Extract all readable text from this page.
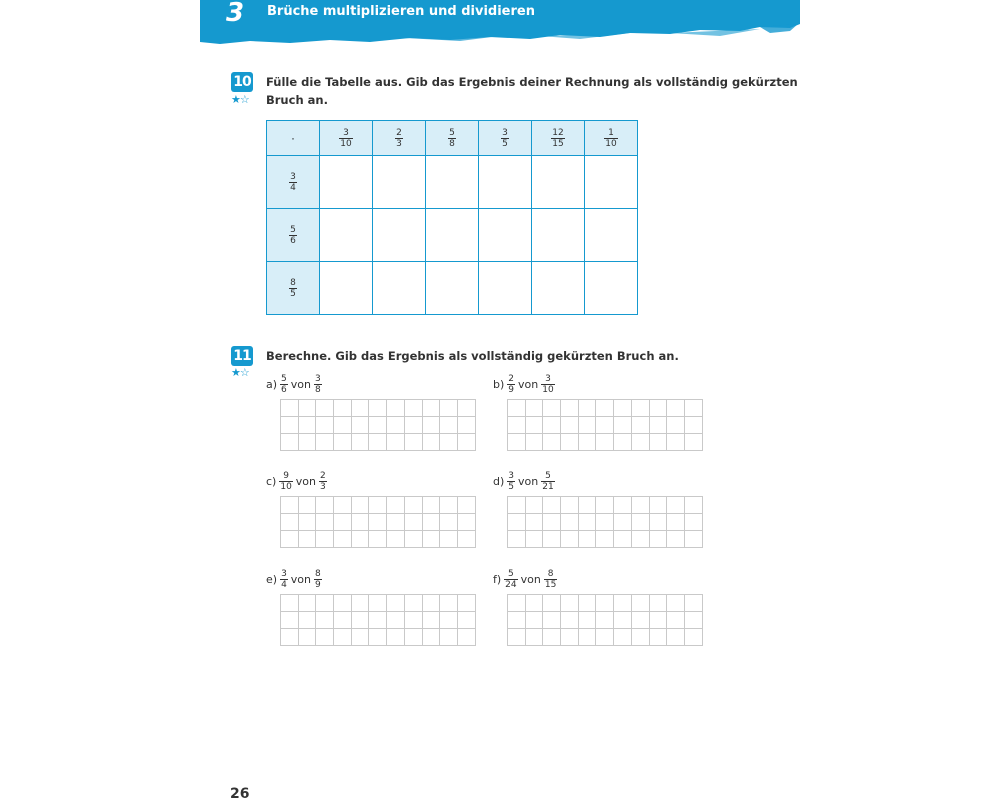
3 Brüche multiplizieren und dividieren
10
★☆
Fülle die Tabelle aus. Gib das Ergebnis deiner Rechnung als vollständig gekürzten
Bruch an.
·	$\frac{3}{10}$	$\frac{2}{3}$	$\frac{5}{8}$	$\frac{3}{5}$	$\frac{12}{15}$	$\frac{1}{10}$

$\frac{3}{4}$

$\frac{5}{6}$

$\frac{8}{5}$

11
★☆
Berechne. Gib das Ergebnis als vollständig gekürzten Bruch an.
$a) \frac{5}{6}$ von $\frac{3}{8}$	$b) \frac{2}{9}$ von $\frac{3}{10}$
$c) \frac{9}{10}$ von $\frac{2}{3}$	$d) \frac{3}{5}$ von $\frac{5}{21}$
$e) \frac{3}{4}$ von $\frac{8}{9}$	$f) \frac{5}{24}$ von $\frac{8}{15}$
26
